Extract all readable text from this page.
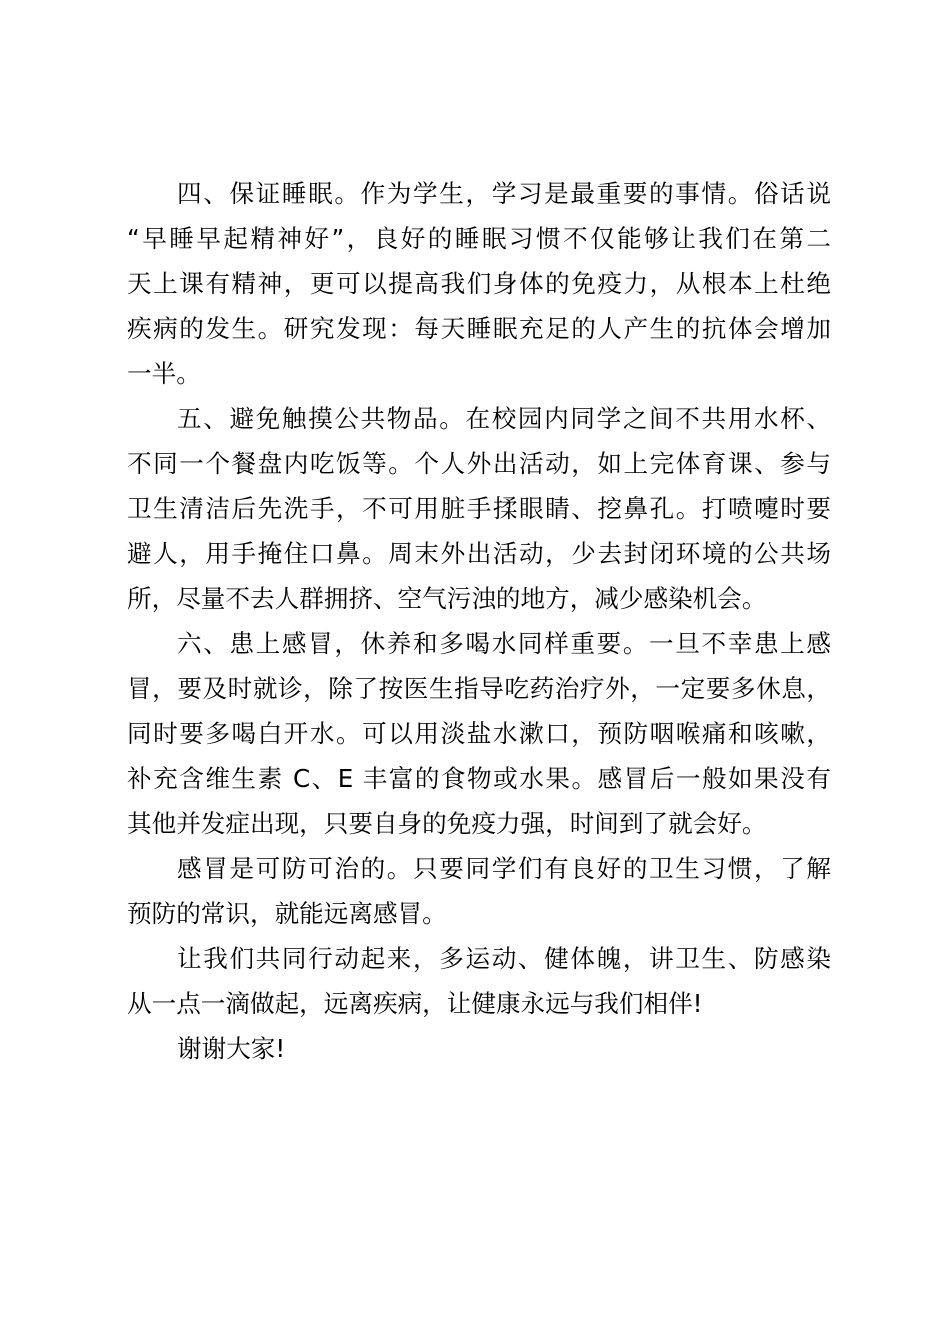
四、保证睡眠。作为学生，学习是最重要的事情。俗话说
“早睡早起精神好”，良好的睡眠习惯不仅能够让我们在第二
天上课有精神，更可以提高我们身体的免疫力，从根本上杜绝
疾病的发生。研究发现：每天睡眠充足的人产生的抗体会增加
一半。
五、避免触摸公共物品。在校园内同学之间不共用水杯、
不同一个餐盘内吃饭等。个人外出活动，如上完体育课、参与
卫生清洁后先洗手，不可用脏手揉眼睛、挖鼻孔。打喷嚏时要
避人，用手掩住口鼻。周末外出活动，少去封闭环境的公共场
所，尽量不去人群拥挤、空气污浊的地方，减少感染机会。
六、患上感冒，休养和多喝水同样重要。一旦不幸患上感
冒，要及时就诊，除了按医生指导吃药治疗外，一定要多休息，
同时要多喝白开水。可以用淡盐水漱口，预防咽喉痛和咳嗽，
补充含维生素 C、E 丰富的食物或水果。感冒后一般如果没有
其他并发症出现，只要自身的免疫力强，时间到了就会好。
感冒是可防可治的。只要同学们有良好的卫生习惯，了解
预防的常识，就能远离感冒。
让我们共同行动起来，多运动、健体魄，讲卫生、防感染
从一点一滴做起，远离疾病，让健康永远与我们相伴!
谢谢大家!
